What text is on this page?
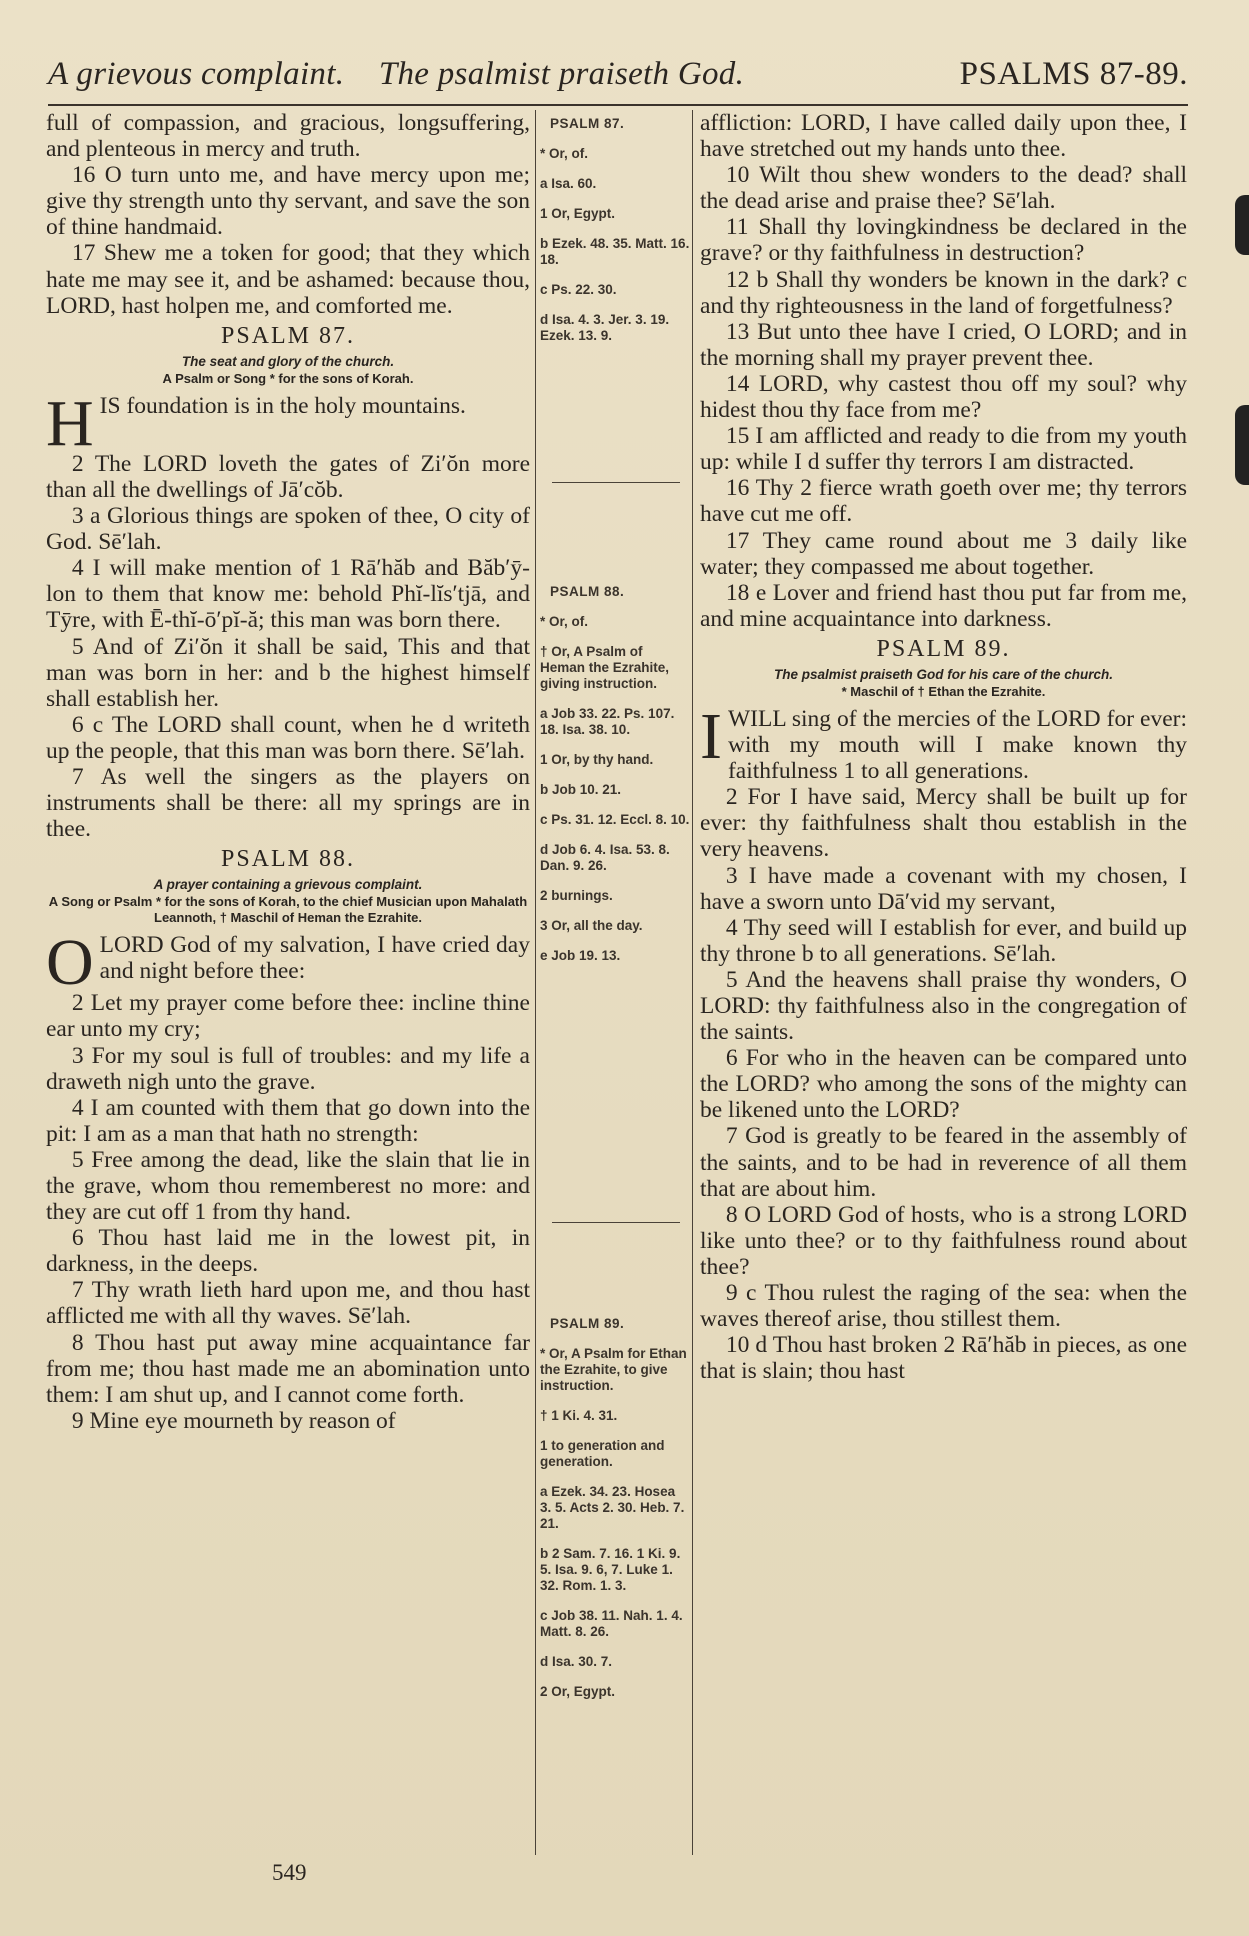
A grievous complaint. The psalmist praiseth God.	PSALMS 87-89.

full of compassion, and gracious, longsuffering, and plenteous in mercy and truth.

16 O turn unto me, and have mercy upon me; give thy strength unto thy servant, and save the son of thine handmaid.

17 Shew me a token for good; that they which hate me may see it, and be ashamed: because thou, LORD, hast holpen me, and comforted me.

PSALM 87.
The seat and glory of the church.
A Psalm or Song * for the sons of Korah.
H IS foundation is in the holy mountains.

2 The LORD loveth the gates of Zi′ŏn more than all the dwellings of Jā′cŏb.

3 a Glorious things are spoken of thee, O city of God. Sē′lah.

4 I will make mention of 1 Rā′hăb and Băb′ȳ-lon to them that know me: behold Phĭ-lĭs′tjā, and Tȳre, with Ē-thĭ-ō′pĭ-ă; this man was born there.

5 And of Zi′ŏn it shall be said, This and that man was born in her: and b the highest himself shall establish her.

6 c The LORD shall count, when he d writeth up the people, that this man was born there. Sē′lah.

7 As well the singers as the players on instruments shall be there: all my springs are in thee.

PSALM 88.
A prayer containing a grievous complaint.
A Song or Psalm * for the sons of Korah, to the chief Musician upon Mahalath Leannoth, † Maschil of Heman the Ezrahite.
O LORD God of my salvation, I have cried day and night before thee:

2 Let my prayer come before thee: incline thine ear unto my cry;

3 For my soul is full of troubles: and my life a draweth nigh unto the grave.

4 I am counted with them that go down into the pit: I am as a man that hath no strength:

5 Free among the dead, like the slain that lie in the grave, whom thou rememberest no more: and they are cut off 1 from thy hand.

6 Thou hast laid me in the lowest pit, in darkness, in the deeps.

7 Thy wrath lieth hard upon me, and thou hast afflicted me with all thy waves. Sē′lah.

8 Thou hast put away mine acquaintance far from me; thou hast made me an abomination unto them: I am shut up, and I cannot come forth.

9 Mine eye mourneth by reason of

PSALM 87.
* Or, of.
a Isa. 60.
1 Or, Egypt.
b Ezek. 48. 35. Matt. 16. 18.
c Ps. 22. 30.
d Isa. 4. 3. Jer. 3. 19. Ezek. 13. 9.
PSALM 88.
* Or, of.
† Or, A Psalm of Heman the Ezrahite, giving instruction.
a Job 33. 22. Ps. 107. 18. Isa. 38. 10.
1 Or, by thy hand.
b Job 10. 21.
c Ps. 31. 12. Eccl. 8. 10.
d Job 6. 4. Isa. 53. 8. Dan. 9. 26.
2 burnings.
3 Or, all the day.
e Job 19. 13.
PSALM 89.
* Or, A Psalm for Ethan the Ezrahite, to give instruction.
† 1 Ki. 4. 31.
1 to generation and generation.
a Ezek. 34. 23. Hosea 3. 5. Acts 2. 30. Heb. 7. 21.
b 2 Sam. 7. 16. 1 Ki. 9. 5. Isa. 9. 6, 7. Luke 1. 32. Rom. 1. 3.
c Job 38. 11. Nah. 1. 4. Matt. 8. 26.
d Isa. 30. 7.
2 Or, Egypt.

affliction: LORD, I have called daily upon thee, I have stretched out my hands unto thee.

10 Wilt thou shew wonders to the dead? shall the dead arise and praise thee? Sē′lah.

11 Shall thy lovingkindness be declared in the grave? or thy faithfulness in destruction?

12 b Shall thy wonders be known in the dark? c and thy righteousness in the land of forgetfulness?

13 But unto thee have I cried, O LORD; and in the morning shall my prayer prevent thee.

14 LORD, why castest thou off my soul? why hidest thou thy face from me?

15 I am afflicted and ready to die from my youth up: while I d suffer thy terrors I am distracted.

16 Thy 2 fierce wrath goeth over me; thy terrors have cut me off.

17 They came round about me 3 daily like water; they compassed me about together.

18 e Lover and friend hast thou put far from me, and mine acquaintance into darkness.

PSALM 89.
The psalmist praiseth God for his care of the church.
* Maschil of † Ethan the Ezrahite.
I WILL sing of the mercies of the LORD for ever: with my mouth will I make known thy faithfulness 1 to all generations.

2 For I have said, Mercy shall be built up for ever: thy faithfulness shalt thou establish in the very heavens.

3 I have made a covenant with my chosen, I have a sworn unto Dā′vid my servant,

4 Thy seed will I establish for ever, and build up thy throne b to all generations. Sē′lah.

5 And the heavens shall praise thy wonders, O LORD: thy faithfulness also in the congregation of the saints.

6 For who in the heaven can be compared unto the LORD? who among the sons of the mighty can be likened unto the LORD?

7 God is greatly to be feared in the assembly of the saints, and to be had in reverence of all them that are about him.

8 O LORD God of hosts, who is a strong LORD like unto thee? or to thy faithfulness round about thee?

9 c Thou rulest the raging of the sea: when the waves thereof arise, thou stillest them.

10 d Thou hast broken 2 Rā′hăb in pieces, as one that is slain; thou hast

549
